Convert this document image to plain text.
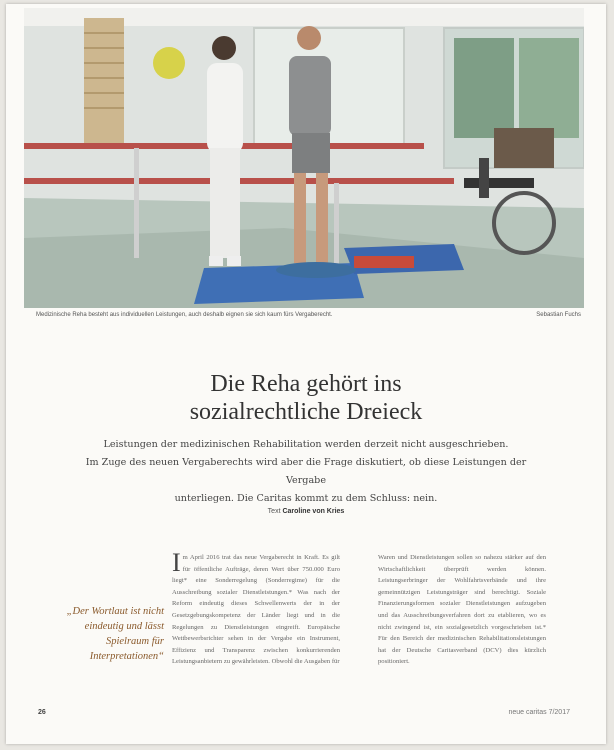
Medizinische Reha besteht aus individuellen Leistungen, auch deshalb eignen sie sich kaum fürs Vergaberecht.	Sebastian Fuchs
Die Reha gehört ins
sozialrechtliche Dreieck
Leistungen der medizinischen Rehabilitation werden derzeit nicht ausgeschrieben.
Im Zuge des neuen Vergaberechts wird aber die Frage diskutiert, ob diese Leistungen der Vergabe
unterliegen. Die Caritas kommt zu dem Schluss: nein.
Text Caroline von Kries
„Der Wortlaut ist nicht eindeutig und lässt Spielraum für Interpretationen“
I m April 2016 trat das neue Vergaberecht in Kraft. Es gilt für öffentliche Aufträge, deren Wert über 750.000 Euro liegt* eine Sonderregelung (Sonderregime) für die Ausschreibung sozialer Dienstleistungen.* Was nach der Reform eindeutig dieses Schwellenwerts der in der Gesetzgebungskompetenz der Länder liegt und in die Regelungen zu Dienstleistungen eingreift. Europäische Wettbewerbsrichter sehen in der Vergabe ein Instrument, Effizienz und Transparenz zwischen konkurrierenden Leistungsanbietern zu gewährleisten. Obwohl die Ausgaben für
Waren und Dienstleistungen sollen so nahezu stärker auf den Wirtschaftlichkeit überprüft werden können. Leistungserbringer der Wohlfahrtsverbände und ihre gemeinnützigen Leistungsträger sind berechtigt. Soziale Finanzierungsformen sozialer Dienstleistungen aufzugeben und das Ausschreibungsverfahren dort zu etablieren, wo es nicht zwingend ist, ein sozialgesetzlich vorgeschrieben ist.* Für den Bereich der medizinischen Rehabilitationsleistungen hat der Deutsche Caritasverband (DCV) dies kürzlich positioniert.
26	neue caritas 7/2017
